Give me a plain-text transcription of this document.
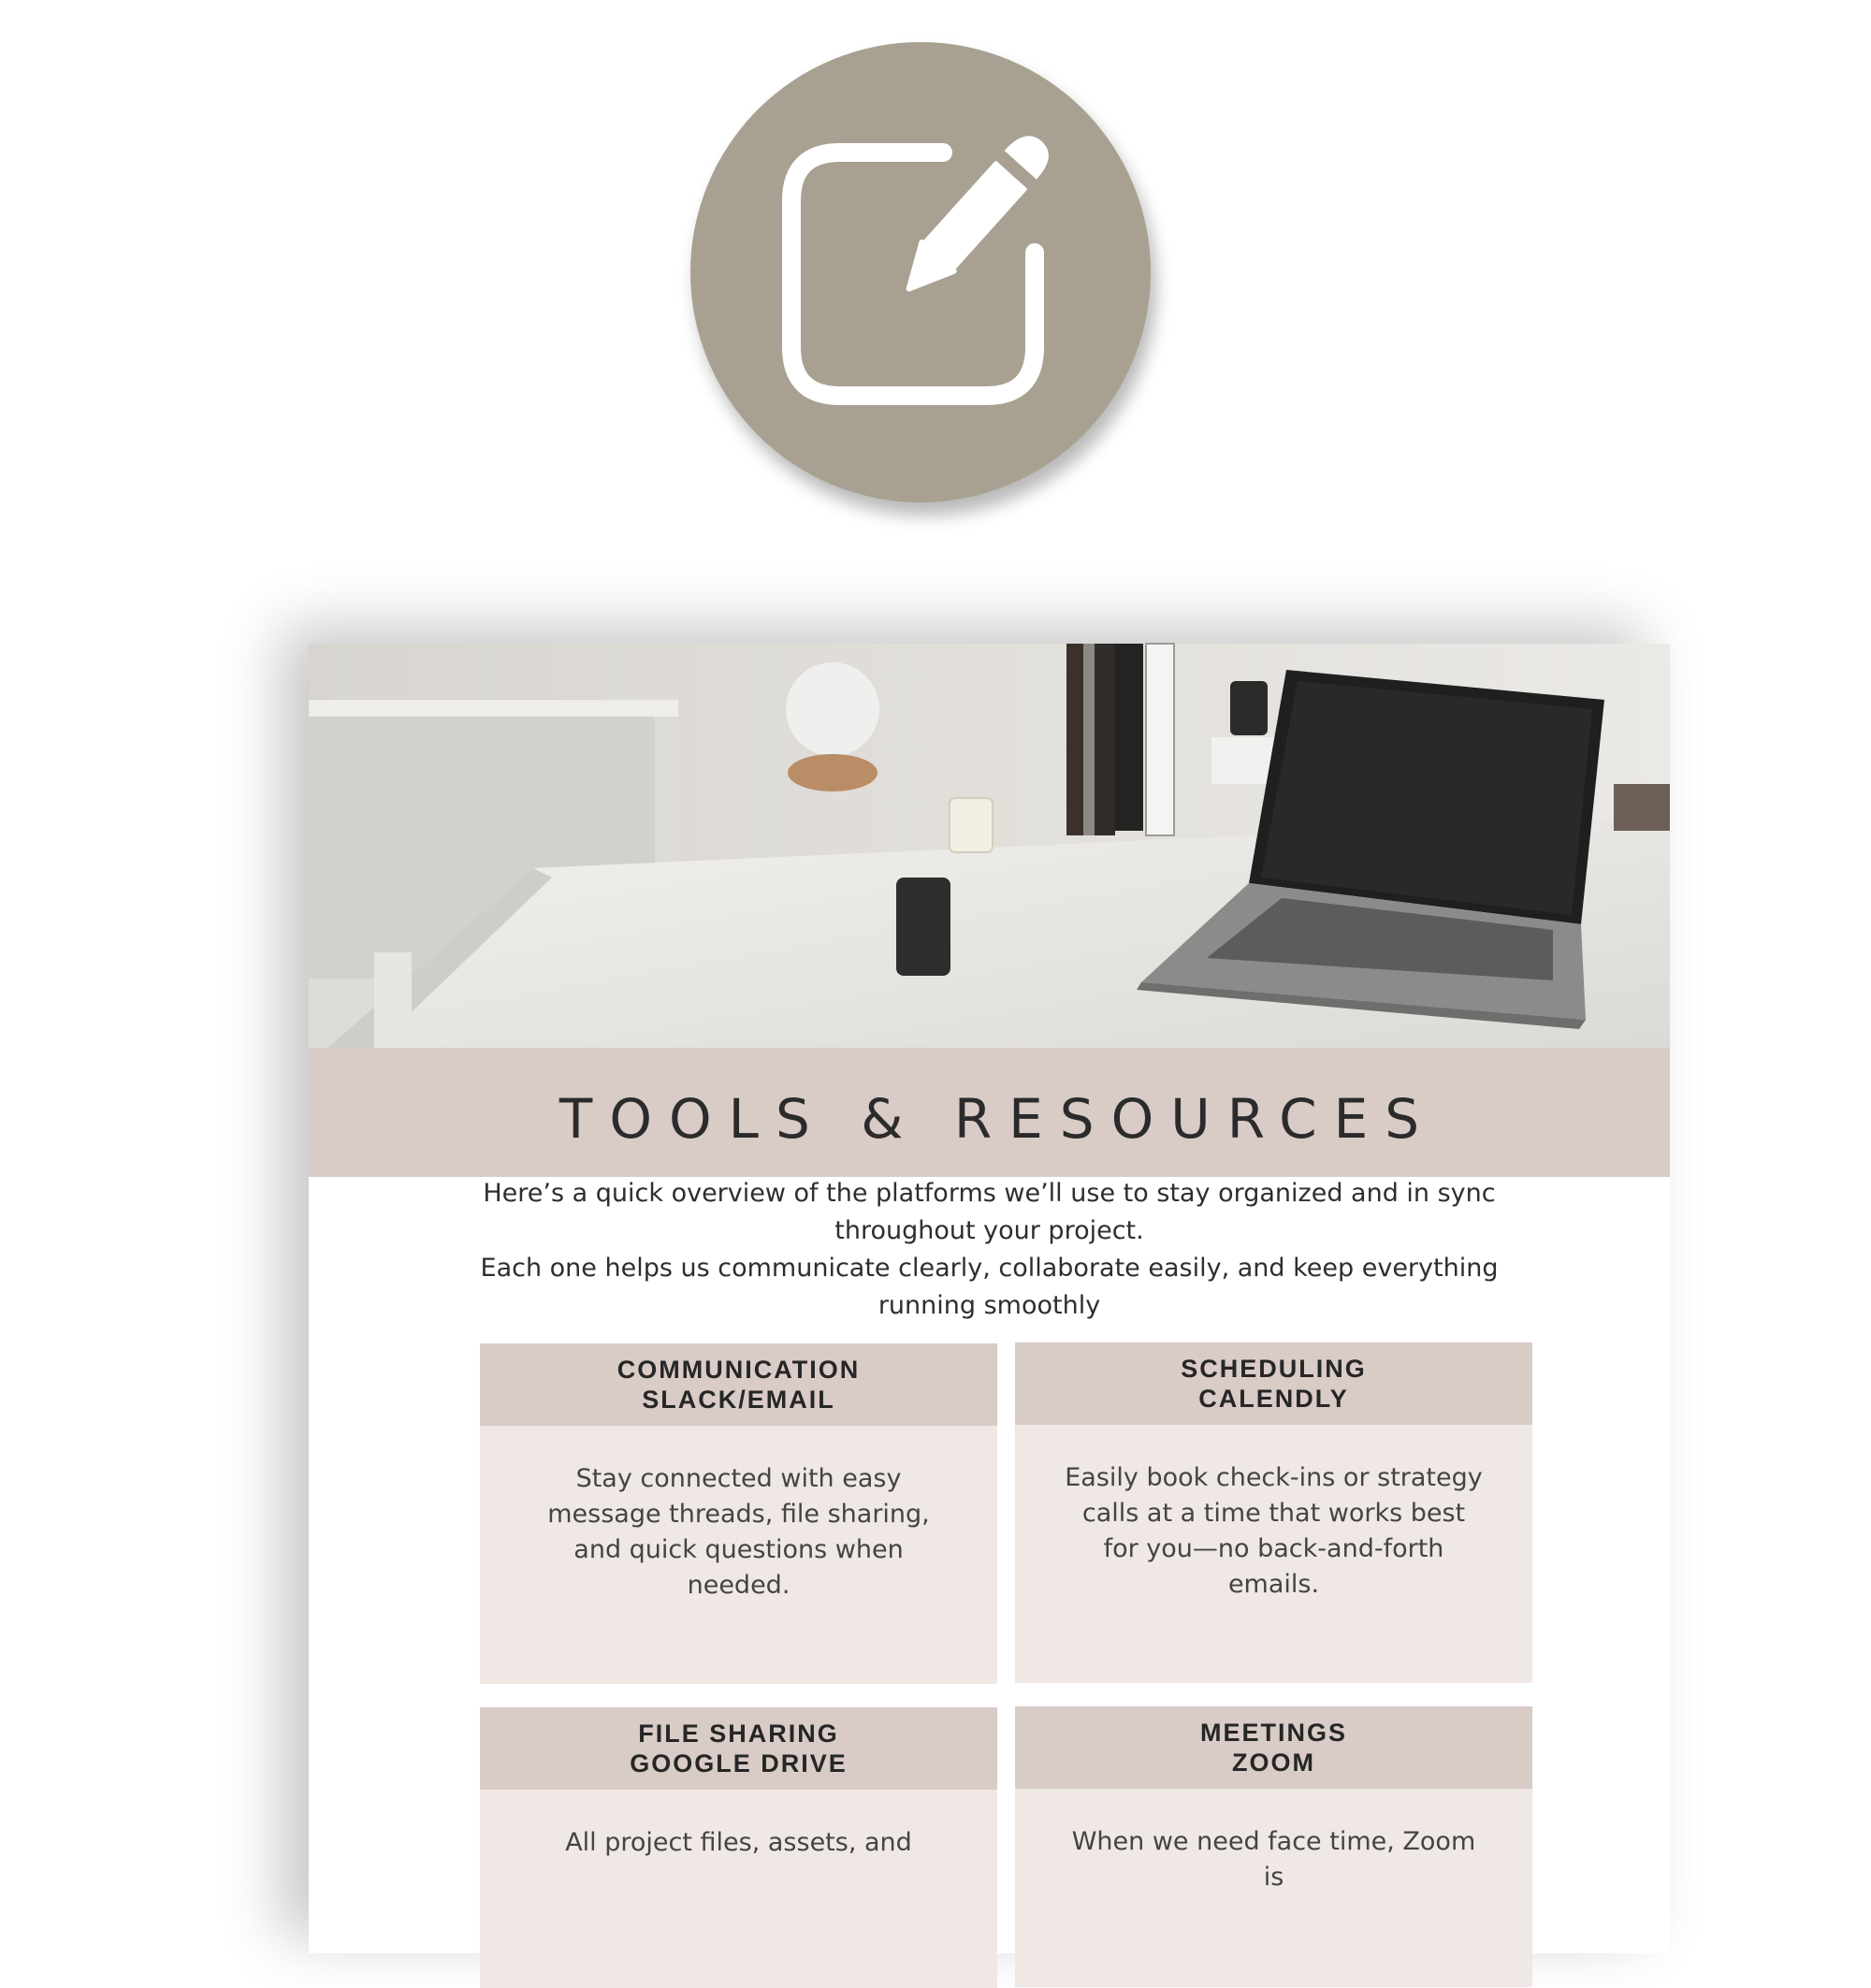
TOOLS & RESOURCES

Here’s a quick overview of the platforms we’ll use to stay organized and in sync throughout your project.

Each one helps us communicate clearly, collaborate easily, and keep everything running smoothly

COMMUNICATION
SLACK/EMAIL
Stay connected with easy message threads, file sharing, and quick questions when needed.
SCHEDULING
CALENDLY
Easily book check-ins or strategy calls at a time that works best for you—no back-and-forth emails.
FILE SHARING
GOOGLE DRIVE
All project files, assets, and
MEETINGS
ZOOM
When we need face time, Zoom is
